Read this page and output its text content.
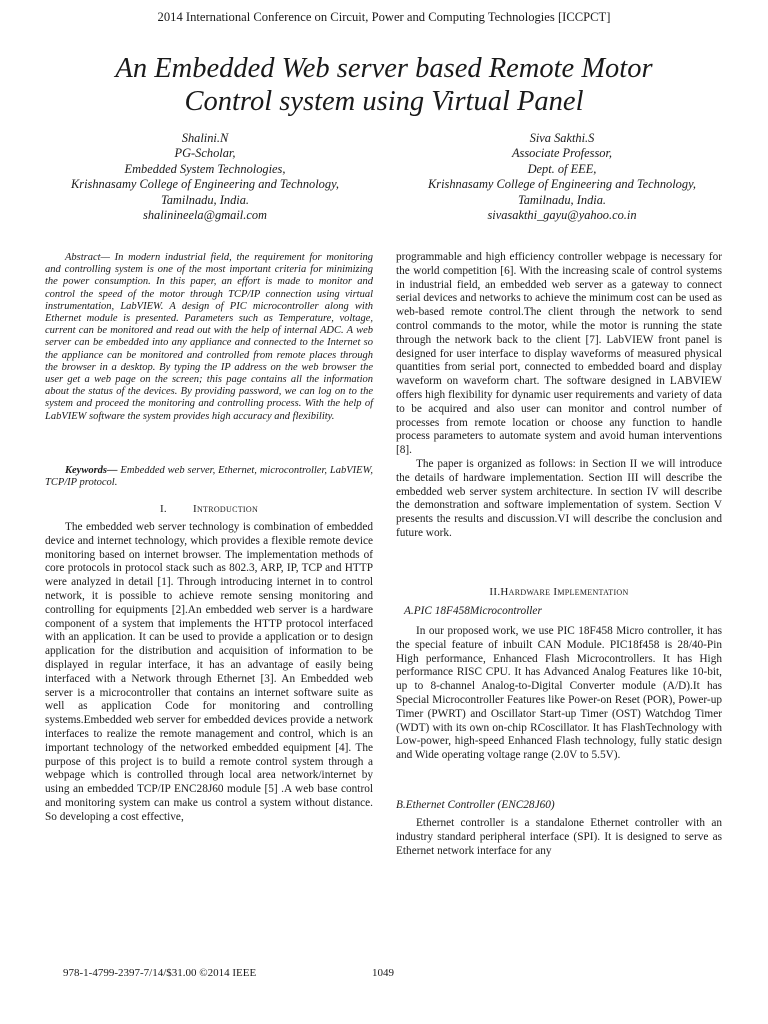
2014 International Conference on Circuit, Power and Computing Technologies [ICCPCT]
An Embedded Web server based Remote Motor
Control system using Virtual Panel
Shalini.N
PG-Scholar,
Embedded System Technologies,
Krishnasamy College of Engineering and Technology,
Tamilnadu, India.
shalinineela@gmail.com
Siva Sakthi.S
Associate Professor,
Dept. of EEE,
Krishnasamy College of Engineering and Technology,
Tamilnadu, India.
sivasakthi_gayu@yahoo.co.in
Abstract— In modern industrial field, the requirement for monitoring and controlling system is one of the most important criteria for minimizing the power consumption. In this paper, an effort is made to monitor and control the speed of the motor through TCP/IP connection using virtual instrumentation, LabVIEW. A design of PIC microcontroller along with Ethernet module is presented. Parameters such as Temperature, voltage, current can be monitored and read out with the help of internal ADC. A web server can be embedded into any appliance and connected to the Internet so the appliance can be monitored and controlled from remote places through the browser in a desktop. By typing the IP address on the web browser the user get a web page on the screen; this page contains all the information about the status of the devices. By providing password, we can log on to the system and proceed the monitoring and controlling process. With the help of LabVIEW software the system provides high accuracy and flexibility.
Keywords— Embedded web server, Ethernet, microcontroller, LabVIEW, TCP/IP protocol.
I. Introduction

The embedded web server technology is combination of embedded device and internet technology, which provides a flexible remote device monitoring based on internet browser. The implementation methods of core protocols in protocol stack such as 802.3, ARP, IP, TCP and HTTP were analyzed in detail [1]. Through introducing internet in to control network, it is possible to achieve remote sensing monitoring and controlling for equipments [2].An embedded web server is a hardware component of a system that implements the HTTP protocol interfaced with an application. It can be used to provide a application or to design application for the distribution and acquisition of information to be displayed in regular interface, it has an advantage of easily being interfaced with a Network through Ethernet [3]. An Embedded web server is a microcontroller that contains an internet software suite as well as application Code for monitoring and controlling systems.Embedded web server for embedded devices provide a network interfaces to realize the remote management and control, which is an important technology of the networked embedded equipment [4]. The purpose of this project is to build a remote control system through a webpage which is controlled through local area network/internet by using an embedded TCP/IP ENC28J60 module [5] .A web base control and monitoring system can make us control a system without distance. So developing a cost effective,

programmable and high efficiency controller webpage is necessary for the world competition [6]. With the increasing scale of control systems in industrial field, an embedded web server as a gateway to connect serial devices and networks to achieve the minimum cost can be used as web-based remote control.The client through the network to send control commands to the motor, while the motor is running the state through the network back to the client [7]. LabVIEW front panel is designed for user interface to display waveforms of measured physical quantities from serial port, connected to embedded board and display waveform on waveform chart. The software designed in LABVIEW offers high flexibility for dynamic user requirements and variety of data to be acquired and also user can monitor and control number of processes from remote location or choose any function to handle process parameters to automate system and avoid human interventions [8].

The paper is organized as follows: in Section II we will introduce the details of hardware implementation. Section III will describe the embedded web server system architecture. In section IV will describe the demonstration and software implementation of system. Section V presents the results and discussion.VI will describe the conclusion and future work.

II.Hardware Implementation
A.PIC 18F458Microcontroller

In our proposed work, we use PIC 18F458 Micro controller, it has the special feature of inbuilt CAN Module. PIC18f458 is 28/40-Pin High performance, Enhanced Flash Microcontrollers. It has High performance RISC CPU. It has Advanced Analog Features like 10-bit, up to 8-channel Analog-to-Digital Converter module (A/D).It has Special Microcontroller Features like Power-on Reset (POR), Power-up Timer (PWRT) and Oscillator Start-up Timer (OST) Watchdog Timer (WDT) with its own on-chip RCoscillator. It has FlashTechnology with Low-power, high-speed Enhanced Flash technology, fully static design and Wide operating voltage range (2.0V to 5.5V).

B.Ethernet Controller (ENC28J60)

Ethernet controller is a standalone Ethernet controller with an industry standard peripheral interface (SPI). It is designed to serve as Ethernet network interface for any

978-1-4799-2397-7/14/$31.00 ©2014 IEEE	1049
